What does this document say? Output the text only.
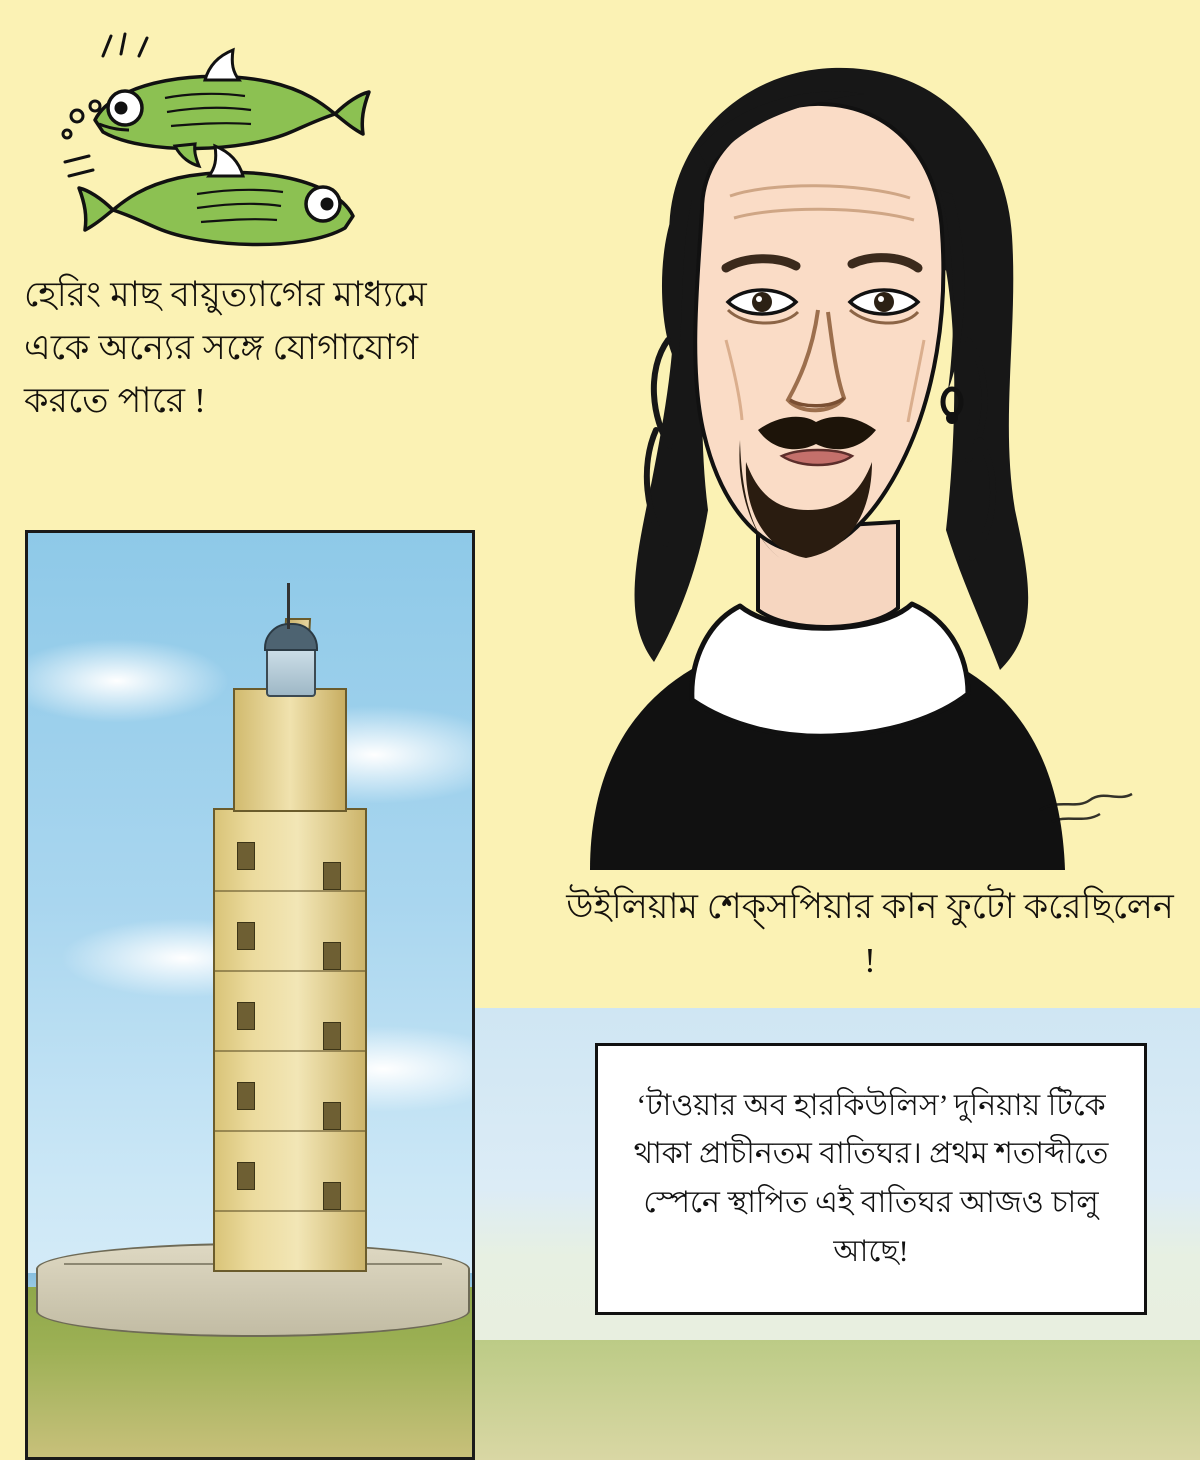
হেরিং মাছ বায়ুত্যাগের মাধ্যমে একে অন্যের সঙ্গে যোগাযোগ করতে পারে !
উইলিয়াম শেক্‌সপিয়ার কান ফুটো করেছিলেন !

‘টাওয়ার অব হারকিউলিস’ দুনিয়ায় টিকে থাকা প্রাচীনতম বাতিঘর। প্রথম শতাব্দীতে স্পেনে স্থাপিত এই বাতিঘর আজও চালু আছে!
